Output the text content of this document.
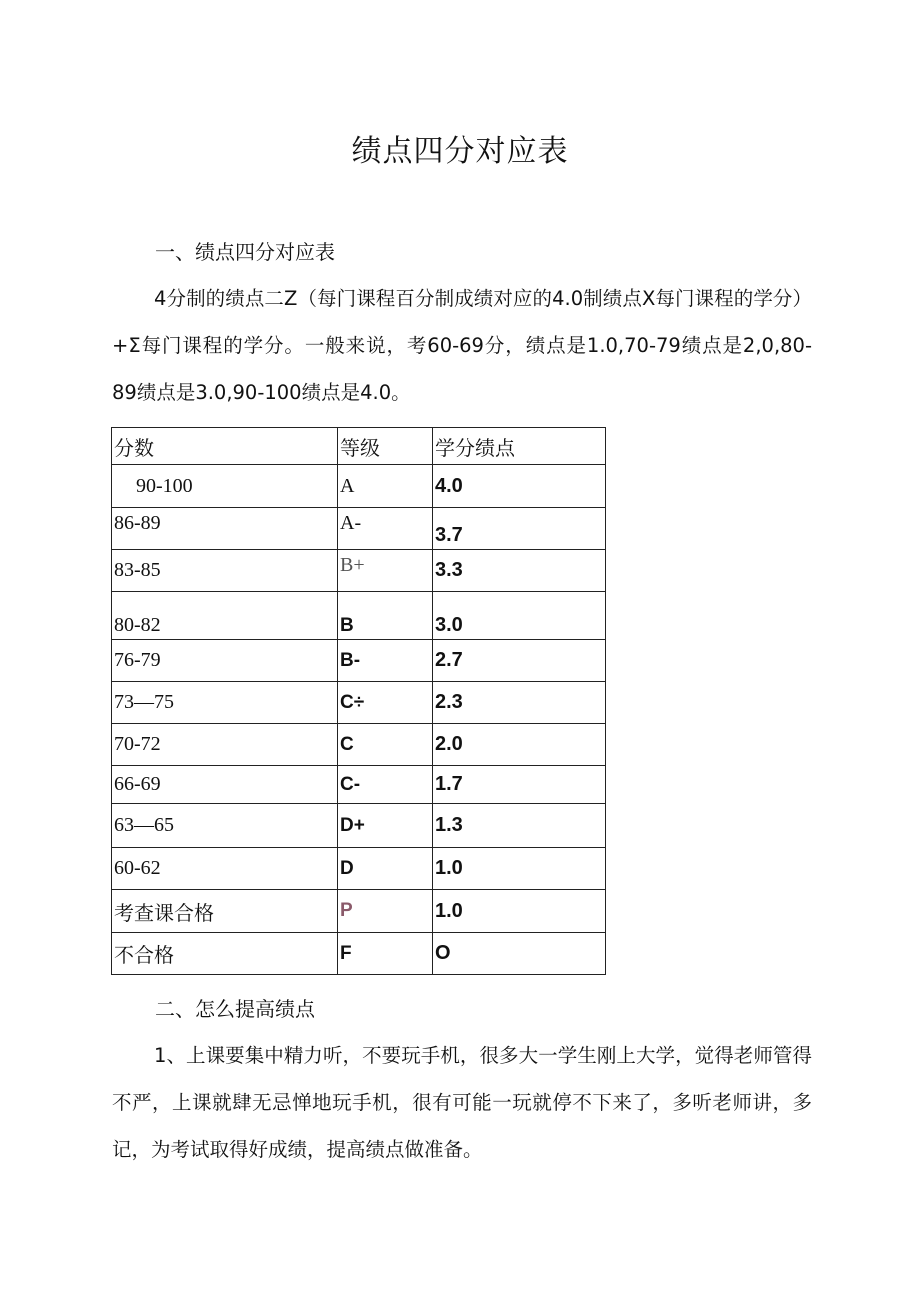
绩点四分对应表
一、绩点四分对应表
4分制的绩点二Z（每门课程百分制成绩对应的4.0制绩点X每门课程的学分）+Σ每门课程的学分。一般来说，考60-69分，绩点是1.0,70-79绩点是2,0,80-89绩点是3.0,90-100绩点是4.0。
分数	等级	学分绩点
90-100	A	4.0
86-89	A-	3.7
83-85	B+	3.3
80-82	B	3.0
76-79	B-	2.7
73—75	C÷	2.3
70-72	C	2.0
66-69	C-	1.7
63—65	D+	1.3
60-62	D	1.0
考查课合格	P	1.0
不合格	F	O
二、怎么提高绩点
1、上课要集中精力听，不要玩手机，很多大一学生刚上大学，觉得老师管得不严，上课就肆无忌惮地玩手机，很有可能一玩就停不下来了，多听老师讲，多记，为考试取得好成绩，提高绩点做准备。
